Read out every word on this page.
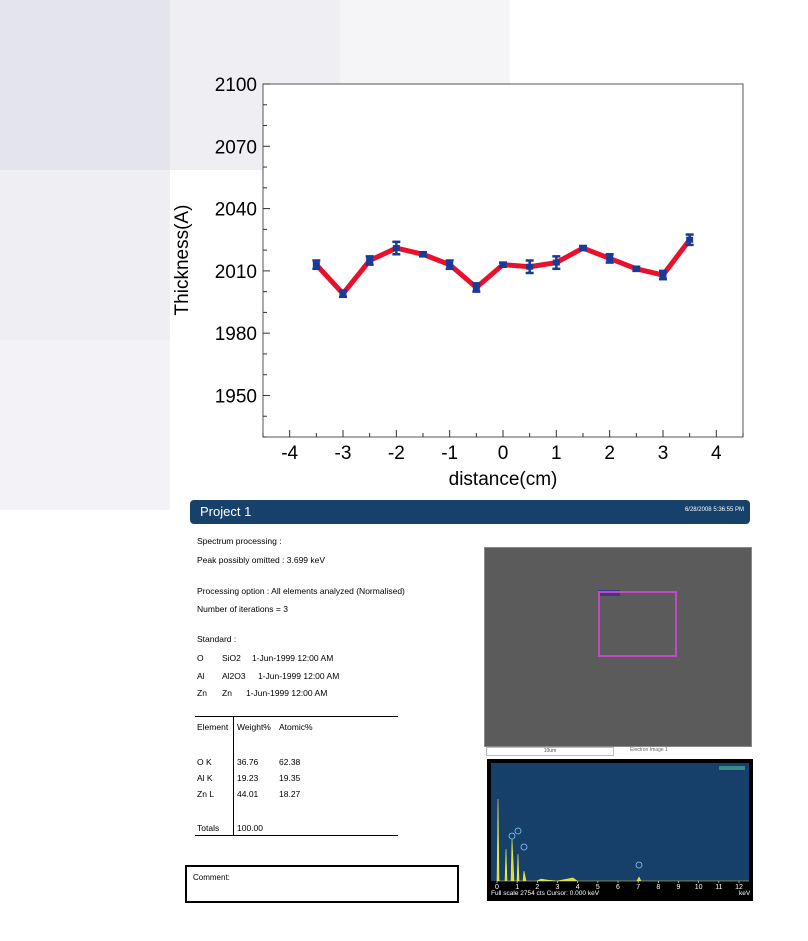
1950
1980
2010
2040
2070
2100
-4 -3 -2 -1 0 1 2 3 4
Thickness(A)
distance(cm)
Project 1	6/28/2008 5:36:55 PM
Spectrum processing :
Peak possibly omitted : 3.699 keV
Processing option : All elements analyzed (Normalised)
Number of iterations = 3
Standard :
O SiO2 1-Jun-1999 12:00 AM
Al Al2O3 1-Jun-1999 12:00 AM
Zn Zn 1-Jun-1999 12:00 AM
Element Weight% Atomic%
O K	36.76 62.38
Al K	19.23 19.35
Zn L	44.01 18.27
Totals 100.00
Comment:
10um	Electron Image 1
0 1 2 3 4 5 6 7 8 9 10 11 12
Full scale 2754 cts Cursor: 0.000 keV	keV
